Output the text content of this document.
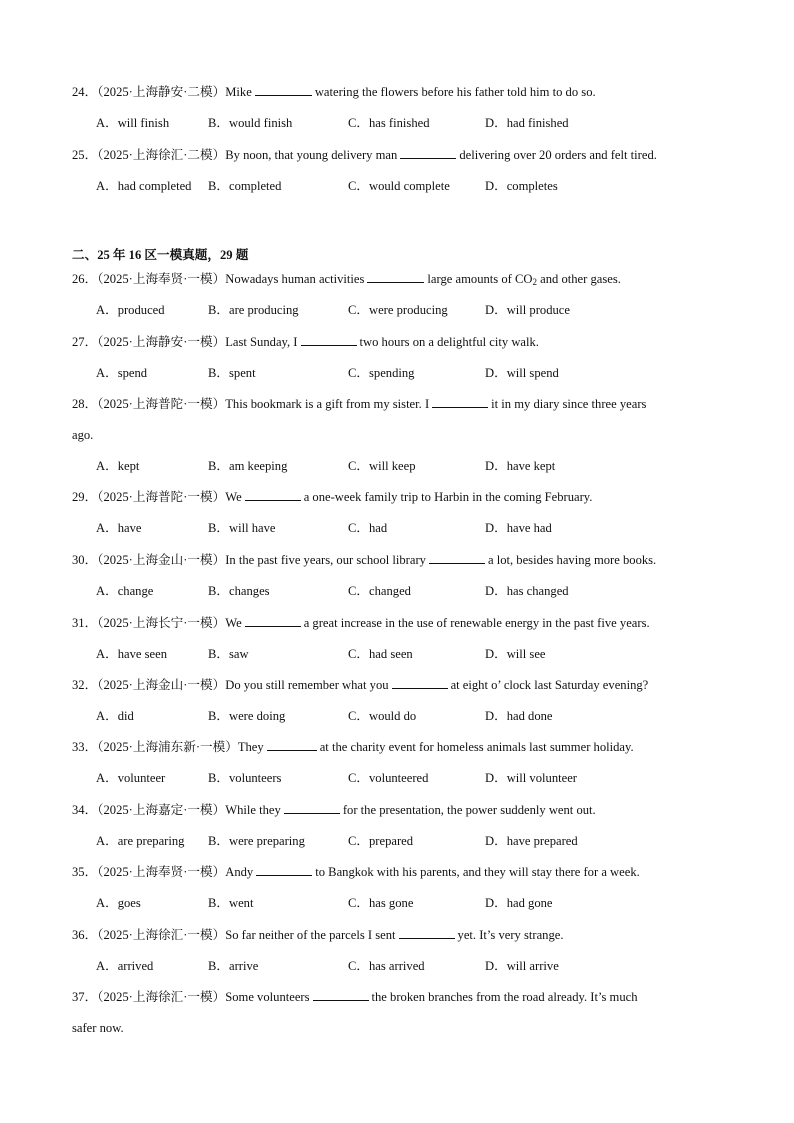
二、25 年 16 区一模真题，29 题
24．（2025·上海静安·二模）Mike	watering the flowers before his father told him to do so.
A．will finish	B．would finish	C．has finished	D．had finished
25．（2025·上海徐汇·二模）By noon, that young delivery man	delivering over 20 orders and felt tired.
A．had completed B．completed	C．would complete	D．completes
26．（2025·上海奉贤·一模）Nowadays human activities	large amounts of $CO_2$ and other gases.
A．produced	B．are producing	C．were producing	D．will produce
27．（2025·上海静安·一模）Last Sunday, I	two hours on a delightful city walk.
A．spend	B．spent	C．spending	D．will spend
28．（2025·上海普陀·一模）This bookmark is a gift from my sister. I	it in my diary since three years
ago.
A．kept	B．am keeping	C．will keep	D．have kept
29．（2025·上海普陀·一模）We	a one-week family trip to Harbin in the coming February.
A．have	B．will have	C．had	D．have had
30．（2025·上海金山·一模）In the past five years, our school library	a lot, besides having more books.
A．change	B．changes	C．changed	D．has changed
31．（2025·上海长宁·一模）We	a great increase in the use of renewable energy in the past five years.
A．have seen	B．saw	C．had seen	D．will see
32．（2025·上海金山·一模）Do you still remember what you	at eight o’ clock last Saturday evening?
A．did	B．were doing	C．would do	D．had done
33．（2025·上海浦东新·一模）They	at the charity event for homeless animals last summer holiday.
A．volunteer	B．volunteers	C．volunteered	D．will volunteer
34．（2025·上海嘉定·一模）While they	for the presentation, the power suddenly went out.
A．are preparing B．were preparing	C．prepared	D．have prepared
35．（2025·上海奉贤·一模）Andy	to Bangkok with his parents, and they will stay there for a week.
A．goes	B．went	C．has gone	D．had gone
36．（2025·上海徐汇·一模）So far neither of the parcels I sent	yet. It’s very strange.
A．arrived	B．arrive	C．has arrived	D．will arrive
37．（2025·上海徐汇·一模）Some volunteers	the broken branches from the road already. It’s much
safer now.
